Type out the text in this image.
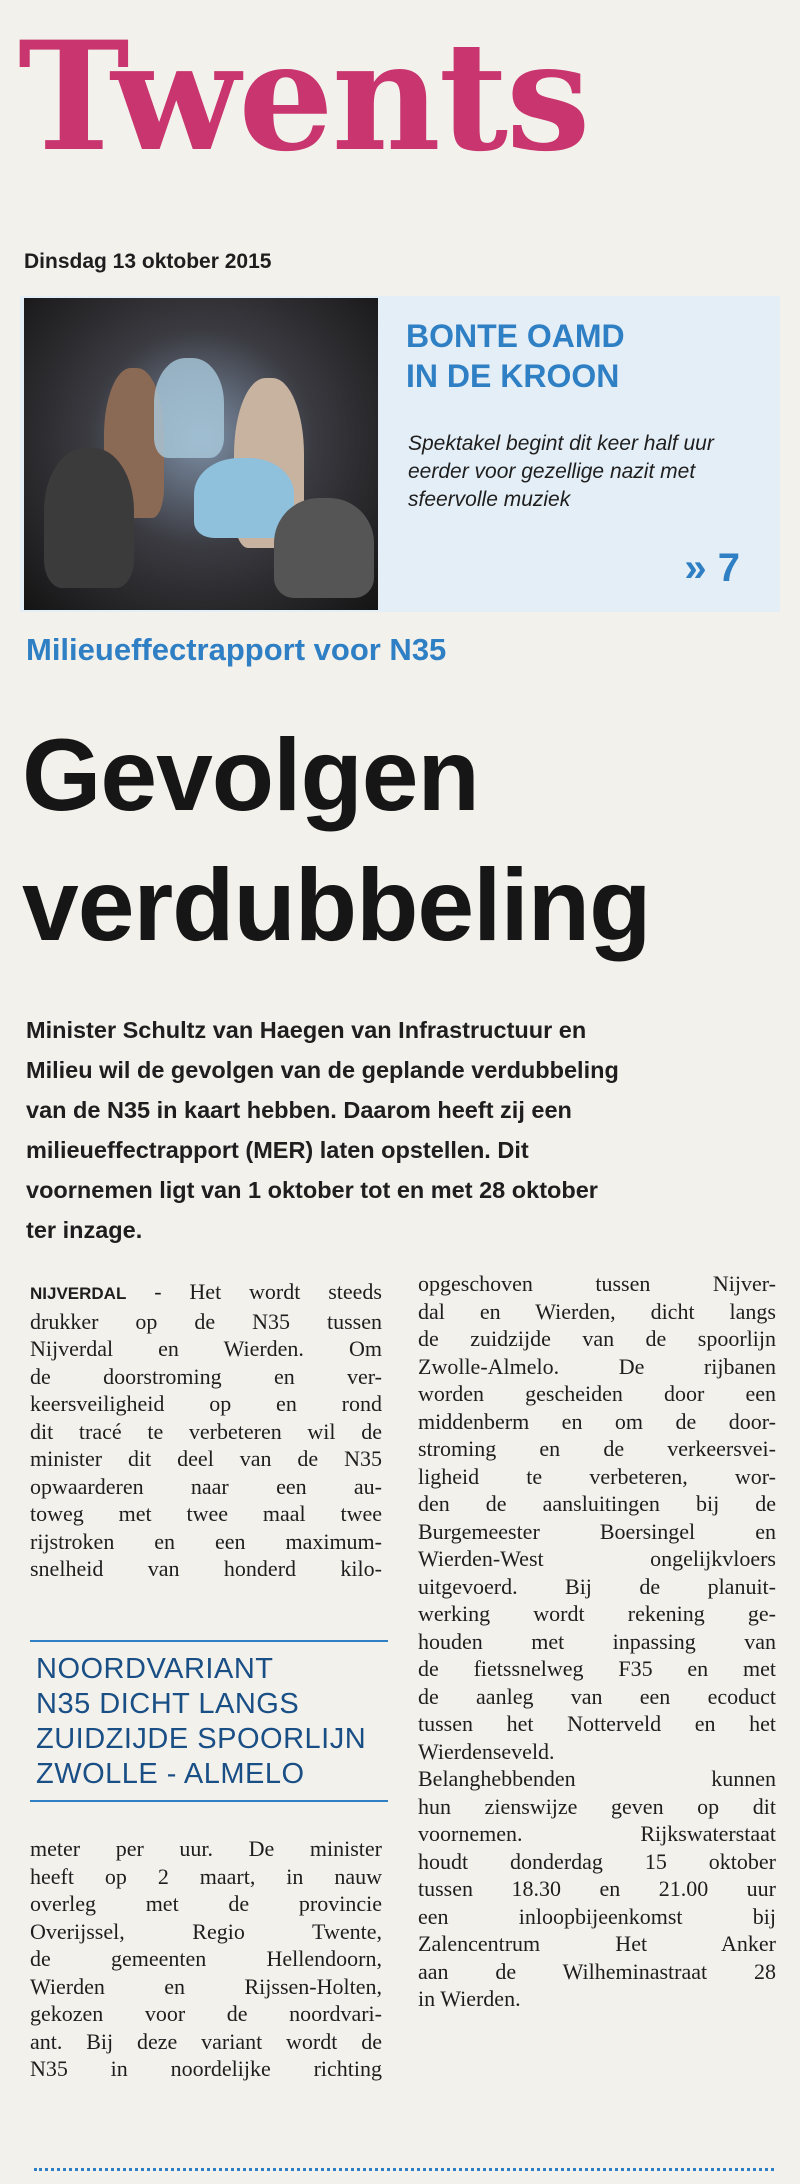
Twents
Dinsdag 13 oktober 2015
BONTE OAMD
IN DE KROON
Spektakel begint dit keer half uur eerder voor gezellige nazit met sfeervolle muziek
» 7
Milieueffectrapport voor N35
Gevolgen
verdubbeling
Minister Schultz van Haegen van Infrastructuur en
Milieu wil de gevolgen van de geplande verdubbeling
van de N35 in kaart hebben. Daarom heeft zij een
milieueffectrapport (MER) laten opstellen. Dit
voornemen ligt van 1 oktober tot en met 28 oktober
ter inzage.
NIJVERDAL - Het wordt steeds
drukker op de N35 tussen
Nijverdal en Wierden. Om
de doorstroming en ver-
keersveiligheid op en rond
dit tracé te verbeteren wil de
minister dit deel van de N35
opwaarderen naar een au-
toweg met twee maal twee
rijstroken en een maximum-
snelheid van honderd kilo-
NOORDVARIANT
N35 DICHT LANGS
ZUIDZIJDE SPOORLIJN
ZWOLLE - ALMELO
meter per uur. De minister
heeft op 2 maart, in nauw
overleg met de provincie
Overijssel, Regio Twente,
de gemeenten Hellendoorn,
Wierden en Rijssen-Holten,
gekozen voor de noordvari-
ant. Bij deze variant wordt de
N35 in noordelijke richting
opgeschoven tussen Nijver-
dal en Wierden, dicht langs
de zuidzijde van de spoorlijn
Zwolle-Almelo. De rijbanen
worden gescheiden door een
middenberm en om de door-
stroming en de verkeersvei-
ligheid te verbeteren, wor-
den de aansluitingen bij de
Burgemeester Boersingel en
Wierden-West ongelijkvloers
uitgevoerd. Bij de planuit-
werking wordt rekening ge-
houden met inpassing van
de fietssnelweg F35 en met
de aanleg van een ecoduct
tussen het Notterveld en het
Wierdenseveld.
Belanghebbenden kunnen
hun zienswijze geven op dit
voornemen. Rijkswaterstaat
houdt donderdag 15 oktober
tussen 18.30 en 21.00 uur
een inloopbijeenkomst bij
Zalencentrum Het Anker
aan de Wilheminastraat 28
in Wierden.
